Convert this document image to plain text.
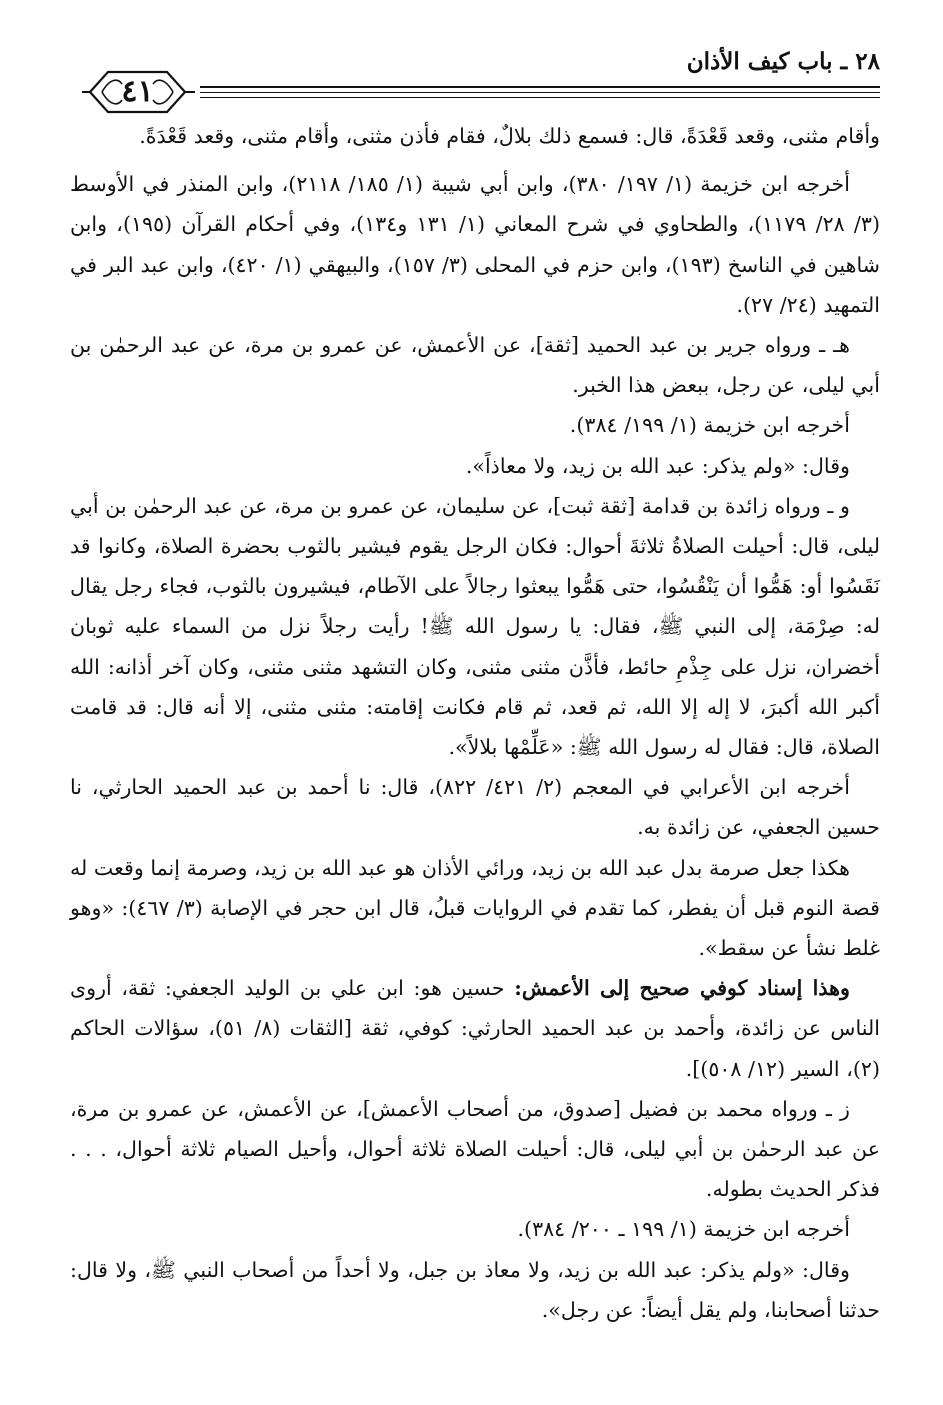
٢٨ ـ باب كيف الأذان
٤١

وأقام مثنى، وقعد قَعْدَةً، قال: فسمع ذلك بلالٌ، فقام فأذن مثنى، وأقام مثنى، وقعد قَعْدَةً.

أخرجه ابن خزيمة (١/ ١٩٧/ ٣٨٠)، وابن أبي شيبة (١/ ١٨٥/ ٢١١٨)، وابن المنذر في الأوسط (٣/ ٢٨/ ١١٧٩)، والطحاوي في شرح المعاني (١/ ١٣١ و١٣٤)، وفي أحكام القرآن (١٩٥)، وابن شاهين في الناسخ (١٩٣)، وابن حزم في المحلى (٣/ ١٥٧)، والبيهقي (١/ ٤٢٠)، وابن عبد البر في التمهيد (٢٤/ ٢٧).

هـ ـ ورواه جرير بن عبد الحميد [ثقة]، عن الأعمش، عن عمرو بن مرة، عن عبد الرحمٰن بن أبي ليلى، عن رجل، ببعض هذا الخبر.

أخرجه ابن خزيمة (١/ ١٩٩/ ٣٨٤).

وقال: «ولم يذكر: عبد الله بن زيد، ولا معاذاً».

و ـ ورواه زائدة بن قدامة [ثقة ثبت]، عن سليمان، عن عمرو بن مرة، عن عبد الرحمٰن بن أبي ليلى، قال: أحيلت الصلاةُ ثلاثةَ أحوال: فكان الرجل يقوم فيشير بالثوب بحضرة الصلاة، وكانوا قد نَقَسُوا أو: هَمُّوا أن يَنْقُسُوا، حتى هَمُّوا يبعثوا رجالاً على الآطام، فيشيرون بالثوب، فجاء رجل يقال له: صِرْمَة، إلى النبي ﷺ، فقال: يا رسول الله ﷺ! رأيت رجلاً نزل من السماء عليه ثوبان أخضران، نزل على جِذْمِ حائط، فأذَّن مثنى مثنى، وكان التشهد مثنى مثنى، وكان آخر أذانه: الله أكبر الله أكبرَ، لا إله إلا الله، ثم قعد، ثم قام فكانت إقامته: مثنى مثنى، إلا أنه قال: قد قامت الصلاة، قال: فقال له رسول الله ﷺ: «عَلِّمْها بلالاً».

أخرجه ابن الأعرابي في المعجم (٢/ ٤٢١/ ٨٢٢)، قال: نا أحمد بن عبد الحميد الحارثي، نا حسين الجعفي، عن زائدة به.

هكذا جعل صرمة بدل عبد الله بن زيد، ورائي الأذان هو عبد الله بن زيد، وصرمة إنما وقعت له قصة النوم قبل أن يفطر، كما تقدم في الروايات قبلُ، قال ابن حجر في الإصابة (٣/ ٤٦٧): «وهو غلط نشأ عن سقط».

وهذا إسناد كوفي صحيح إلى الأعمش: حسين هو: ابن علي بن الوليد الجعفي: ثقة، أروى الناس عن زائدة، وأحمد بن عبد الحميد الحارثي: كوفي، ثقة [الثقات (٨/ ٥١)، سؤالات الحاكم (٢)، السير (١٢/ ٥٠٨)].

ز ـ ورواه محمد بن فضيل [صدوق، من أصحاب الأعمش]، عن الأعمش، عن عمرو بن مرة، عن عبد الرحمٰن بن أبي ليلى، قال: أحيلت الصلاة ثلاثة أحوال، وأحيل الصيام ثلاثة أحوال، . . . فذكر الحديث بطوله.

أخرجه ابن خزيمة (١/ ١٩٩ ـ ٢٠٠/ ٣٨٤).

وقال: «ولم يذكر: عبد الله بن زيد، ولا معاذ بن جبل، ولا أحداً من أصحاب النبي ﷺ، ولا قال: حدثنا أصحابنا، ولم يقل أيضاً: عن رجل».
